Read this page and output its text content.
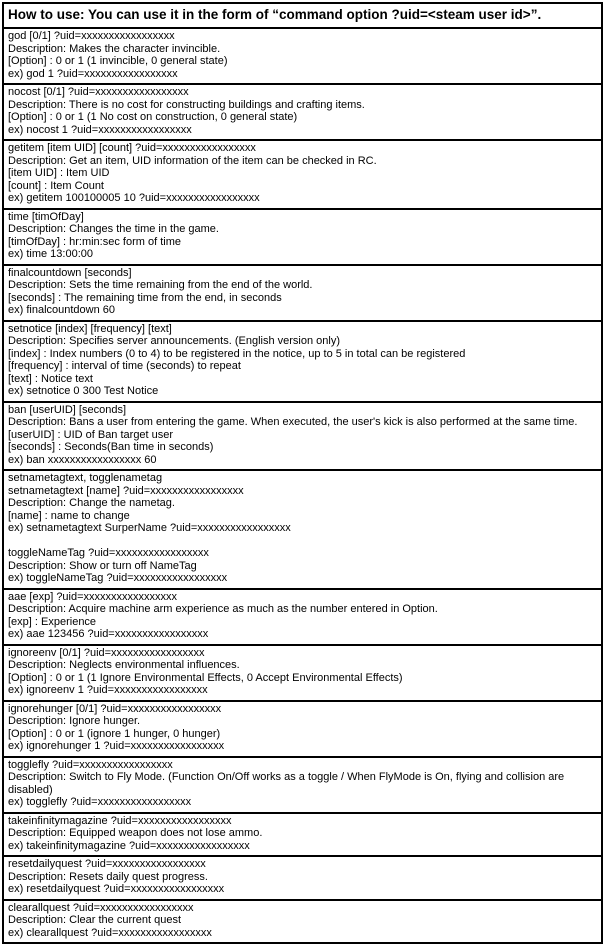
How to use: You can use it in the form of “command option ?uid=<steam user id>”.
god [0/1] ?uid=xxxxxxxxxxxxxxxxx
Description: Makes the character invincible.
[Option] : 0 or 1 (1 invincible, 0 general state)
ex) god 1 ?uid=xxxxxxxxxxxxxxxxx
nocost [0/1] ?uid=xxxxxxxxxxxxxxxxx
Description: There is no cost for constructing buildings and crafting items.
[Option] : 0 or 1 (1 No cost on construction, 0 general state)
ex) nocost 1 ?uid=xxxxxxxxxxxxxxxxx
getitem [item UID] [count] ?uid=xxxxxxxxxxxxxxxxx
Description: Get an item, UID information of the item can be checked in RC.
[item UID] : Item UID
[count] : Item Count
ex) getitem 100100005 10 ?uid=xxxxxxxxxxxxxxxxx
time [timOfDay]
Description: Changes the time in the game.
[timOfDay] : hr:min:sec form of time
ex) time 13:00:00
finalcountdown [seconds]
Description: Sets the time remaining from the end of the world.
[seconds] : The remaining time from the end, in seconds
ex) finalcountdown 60
setnotice [index] [frequency] [text]
Description: Specifies server announcements. (English version only)
[index] : Index numbers (0 to 4) to be registered in the notice, up to 5 in total can be registered
[frequency] : interval of time (seconds) to repeat
[text] : Notice text
ex) setnotice 0 300 Test Notice
ban [userUID] [seconds]
Description: Bans a user from entering the game. When executed, the user's kick is also performed at the same time.
[userUID] : UID of Ban target user
[seconds] : Seconds(Ban time in seconds)
ex) ban xxxxxxxxxxxxxxxxx 60
setnametagtext, togglenametag
setnametagtext [name] ?uid=xxxxxxxxxxxxxxxxx
Description: Change the nametag.
[name] : name to change
ex) setnametagtext SurperName ?uid=xxxxxxxxxxxxxxxxx

toggleNameTag ?uid=xxxxxxxxxxxxxxxxx
Description: Show or turn off NameTag
ex) toggleNameTag ?uid=xxxxxxxxxxxxxxxxx
aae [exp] ?uid=xxxxxxxxxxxxxxxxx
Description: Acquire machine arm experience as much as the number entered in Option.
[exp] : Experience
ex) aae 123456 ?uid=xxxxxxxxxxxxxxxxx
ignoreenv [0/1] ?uid=xxxxxxxxxxxxxxxxx
Description: Neglects environmental influences.
[Option] : 0 or 1 (1 Ignore Environmental Effects, 0 Accept Environmental Effects)
ex) ignoreenv 1 ?uid=xxxxxxxxxxxxxxxxx
ignorehunger [0/1] ?uid=xxxxxxxxxxxxxxxxx
Description: Ignore hunger.
[Option] : 0 or 1 (ignore 1 hunger, 0 hunger)
ex) ignorehunger 1 ?uid=xxxxxxxxxxxxxxxxx
togglefly ?uid=xxxxxxxxxxxxxxxxx
Description: Switch to Fly Mode. (Function On/Off works as a toggle / When FlyMode is On, flying and collision are disabled)
ex) togglefly ?uid=xxxxxxxxxxxxxxxxx
takeinfinitymagazine ?uid=xxxxxxxxxxxxxxxxx
Description: Equipped weapon does not lose ammo.
ex) takeinfinitymagazine ?uid=xxxxxxxxxxxxxxxxx
resetdailyquest ?uid=xxxxxxxxxxxxxxxxx
Description: Resets daily quest progress.
ex) resetdailyquest ?uid=xxxxxxxxxxxxxxxxx
clearallquest ?uid=xxxxxxxxxxxxxxxxx
Description: Clear the current quest
ex) clearallquest ?uid=xxxxxxxxxxxxxxxxx
